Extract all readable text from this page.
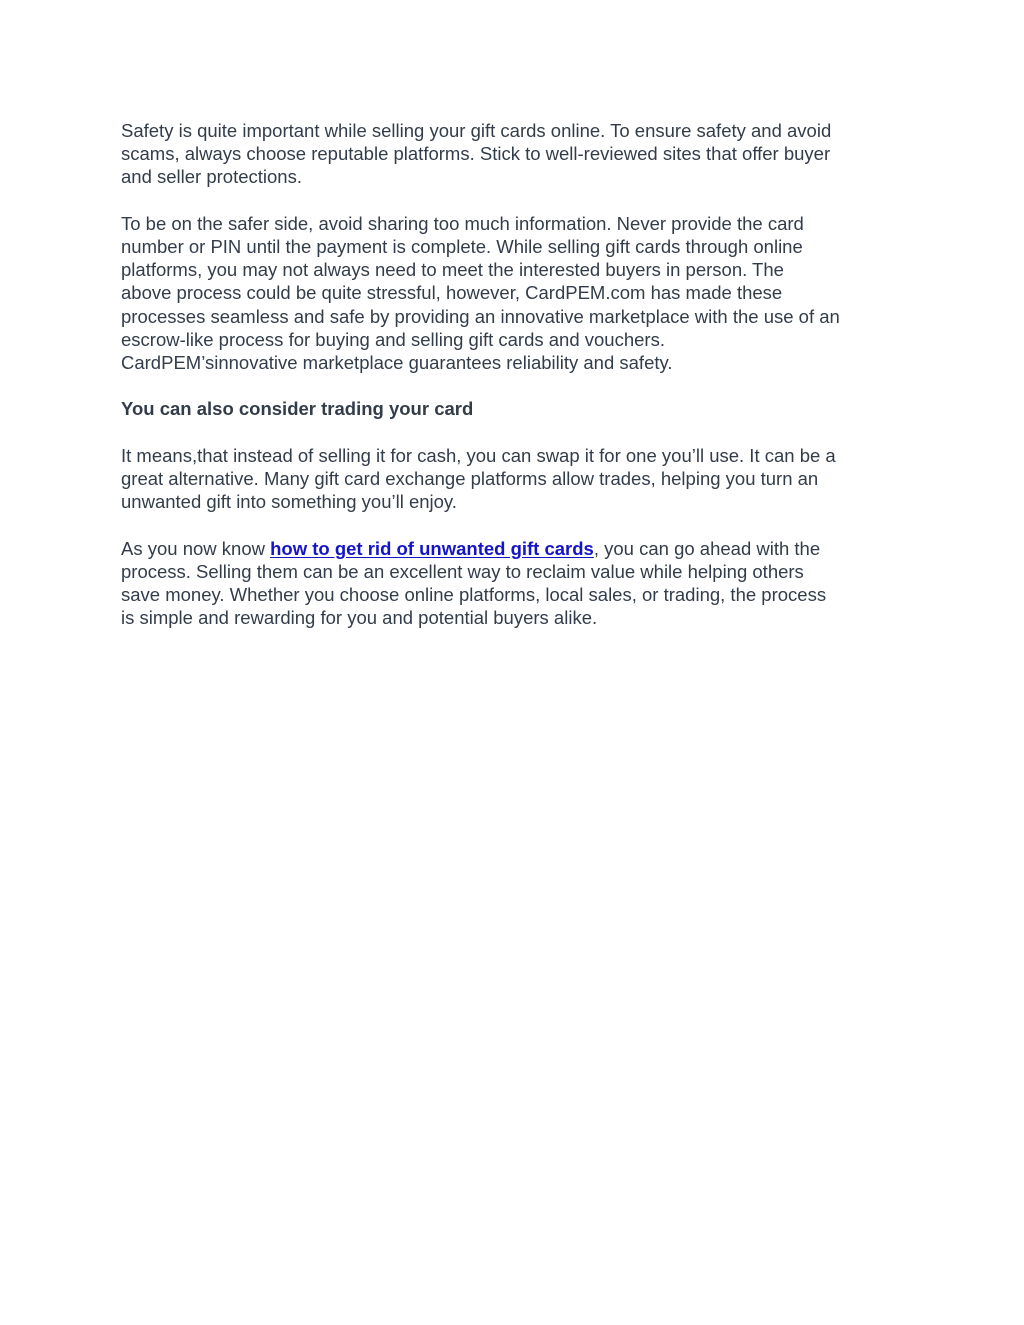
Safety is quite important while selling your gift cards online. To ensure safety and avoid
scams, always choose reputable platforms. Stick to well-reviewed sites that offer buyer
and seller protections.

To be on the safer side, avoid sharing too much information. Never provide the card
number or PIN until the payment is complete. While selling gift cards through online
platforms, you may not always need to meet the interested buyers in person. The
above process could be quite stressful, however, CardPEM.com has made these
processes seamless and safe by providing an innovative marketplace with the use of an
escrow-like process for buying and selling gift cards and vouchers.
CardPEM’sinnovative marketplace guarantees reliability and safety.

You can also consider trading your card

It means,that instead of selling it for cash, you can swap it for one you’ll use. It can be a
great alternative. Many gift card exchange platforms allow trades, helping you turn an
unwanted gift into something you’ll enjoy.

As you now know how to get rid of unwanted gift cards, you can go ahead with the
process. Selling them can be an excellent way to reclaim value while helping others
save money. Whether you choose online platforms, local sales, or trading, the process
is simple and rewarding for you and potential buyers alike.
